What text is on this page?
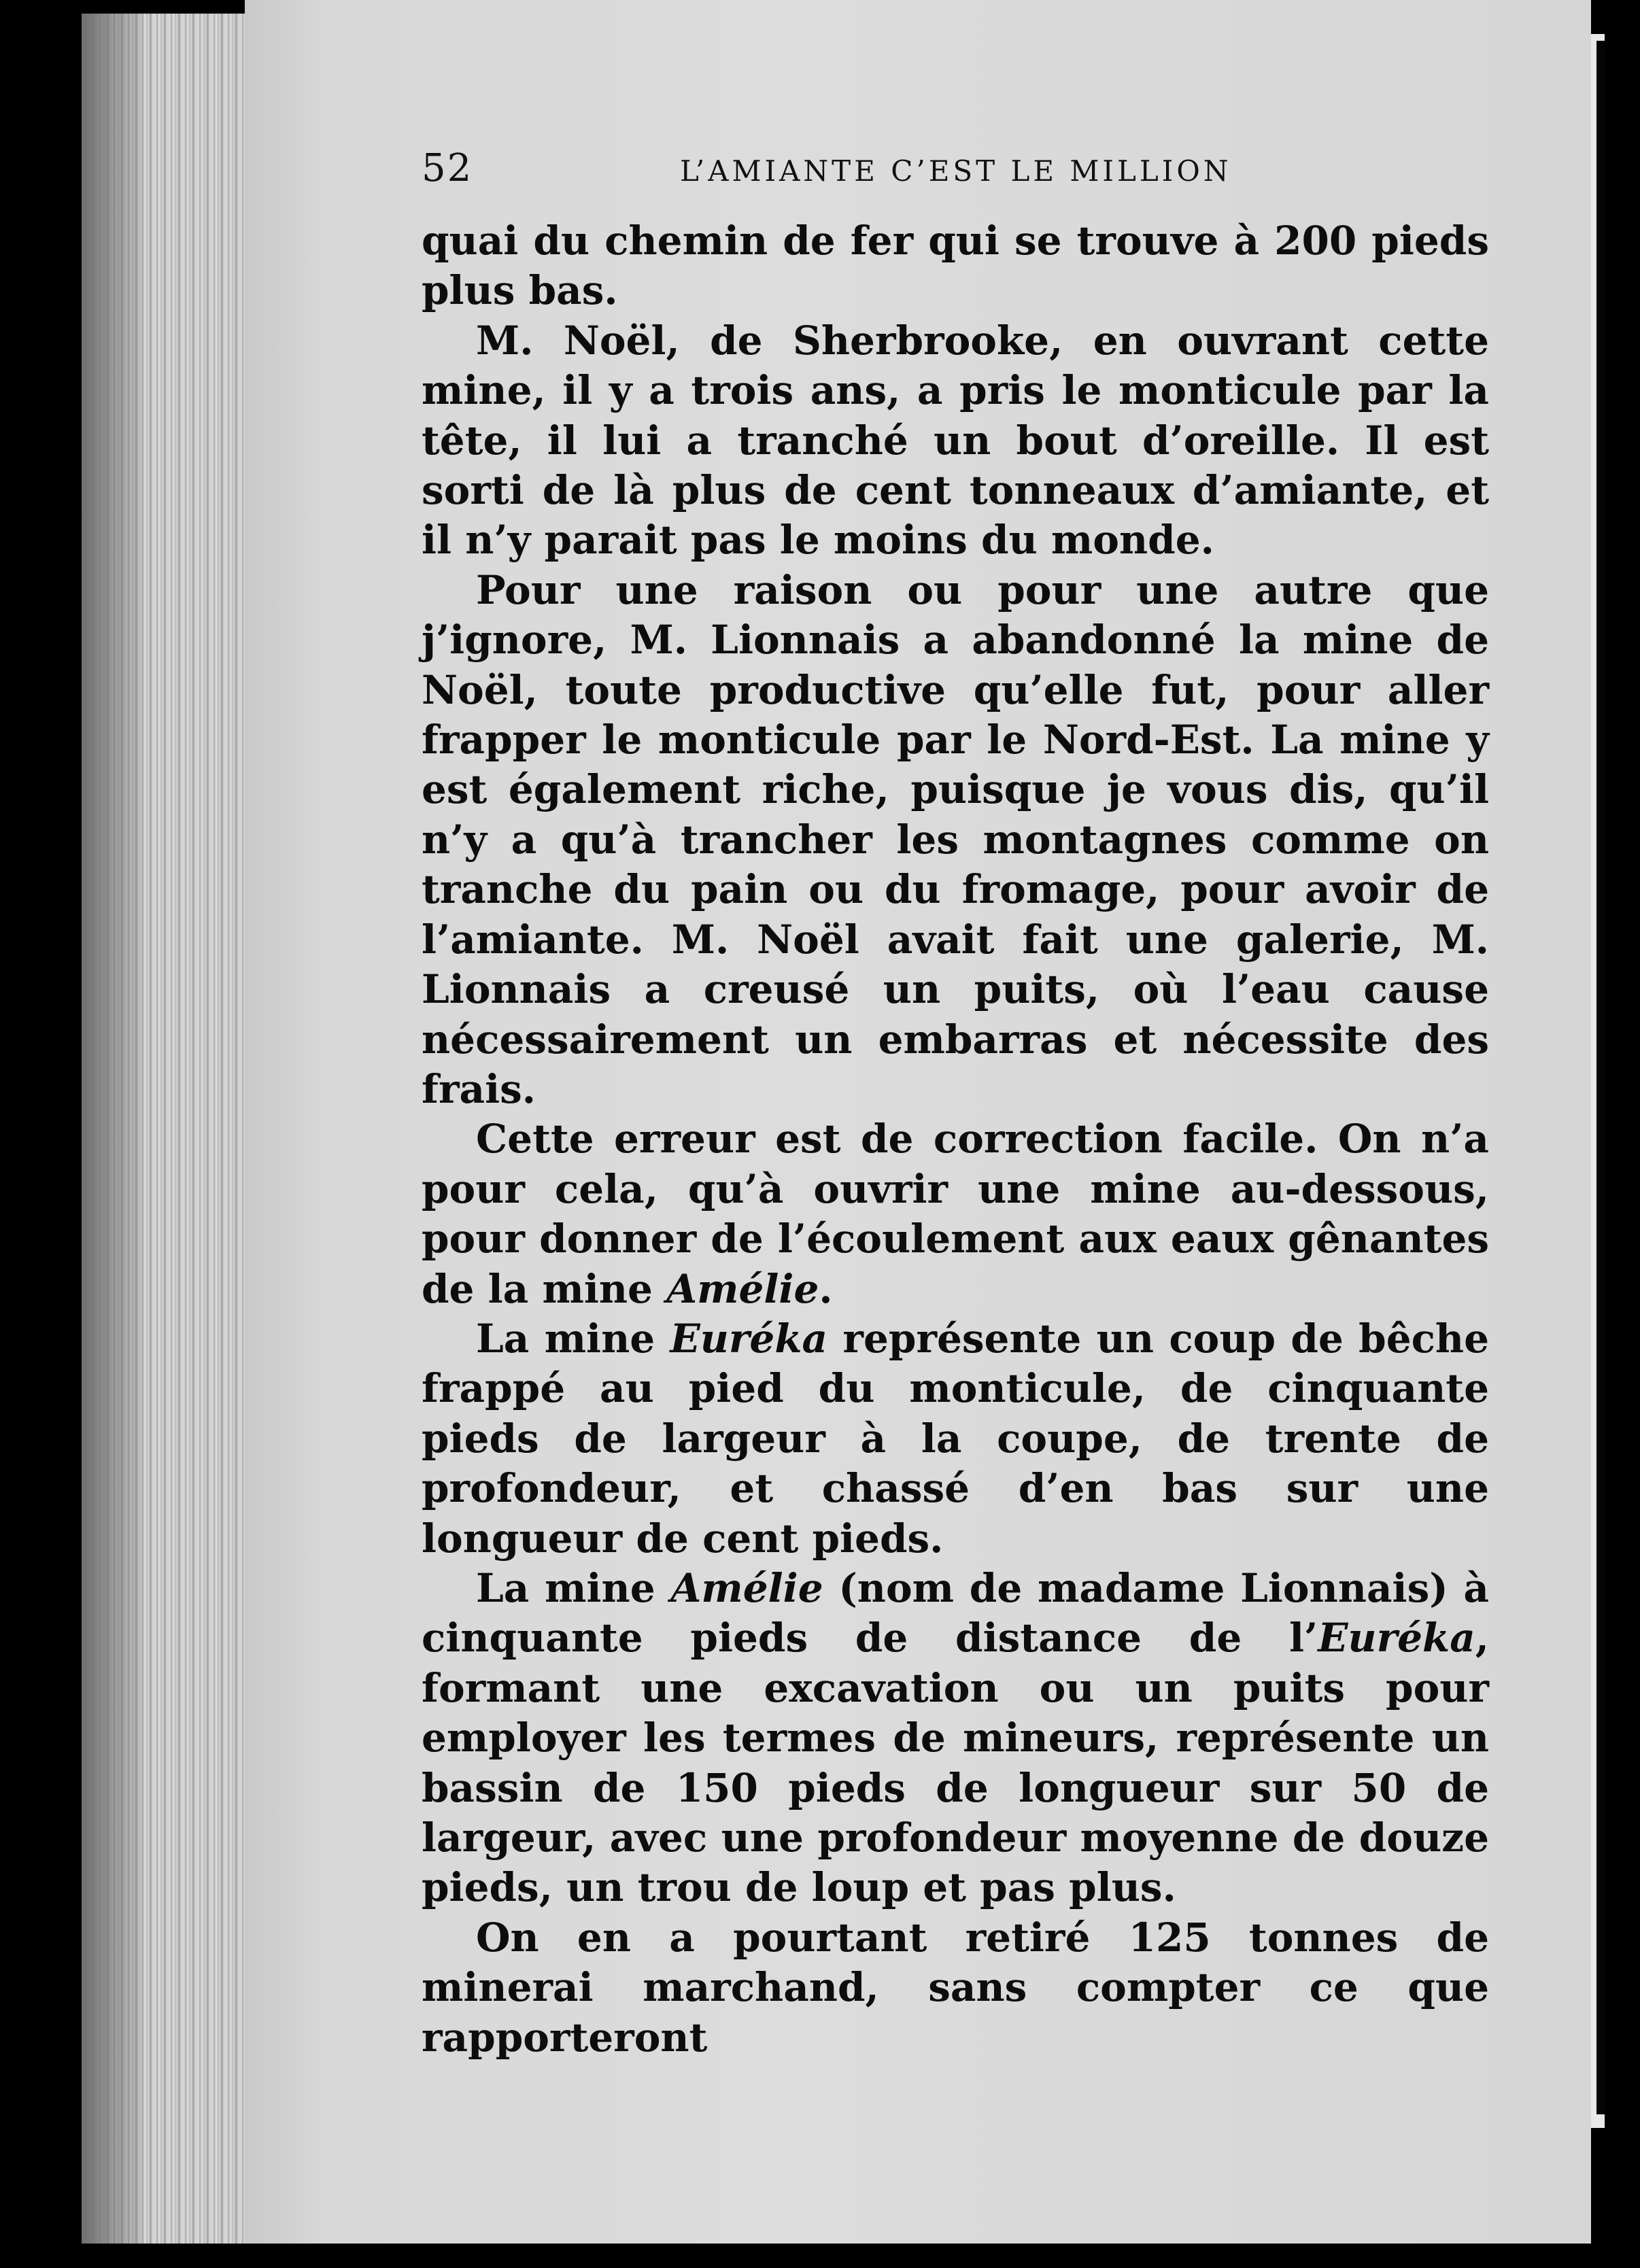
52	L’AMIANTE C’EST LE MILLION

quai du chemin de fer qui se trouve à 200 pieds plus bas.

M. Noël, de Sherbrooke, en ouvrant cette mine, il y a trois ans, a pris le monticule par la tête, il lui a tranché un bout d’oreille. Il est sorti de là plus de cent tonneaux d’amiante, et il n’y parait pas le moins du monde.

Pour une raison ou pour une autre que j’ignore, M. Lionnais a abandonné la mine de Noël, toute productive qu’elle fut, pour aller frapper le monticule par le Nord-Est. La mine y est également riche, puisque je vous dis, qu’il n’y a qu’à trancher les montagnes comme on tranche du pain ou du fromage, pour avoir de l’amiante. M. Noël avait fait une galerie, M. Lionnais a creusé un puits, où l’eau cause nécessairement un embarras et nécessite des frais.

Cette erreur est de correction facile. On n’a pour cela, qu’à ouvrir une mine au-dessous, pour donner de l’écoulement aux eaux gênantes de la mine Amélie.

La mine Euréka représente un coup de bêche frappé au pied du monticule, de cinquante pieds de largeur à la coupe, de trente de profondeur, et chassé d’en bas sur une longueur de cent pieds.

La mine Amélie (nom de madame Lionnais) à cinquante pieds de distance de l’Euréka, formant une excavation ou un puits pour employer les termes de mineurs, représente un bassin de 150 pieds de longueur sur 50 de largeur, avec une profondeur moyenne de douze pieds, un trou de loup et pas plus.

On en a pourtant retiré 125 tonnes de minerai marchand, sans compter ce que rapporteront
